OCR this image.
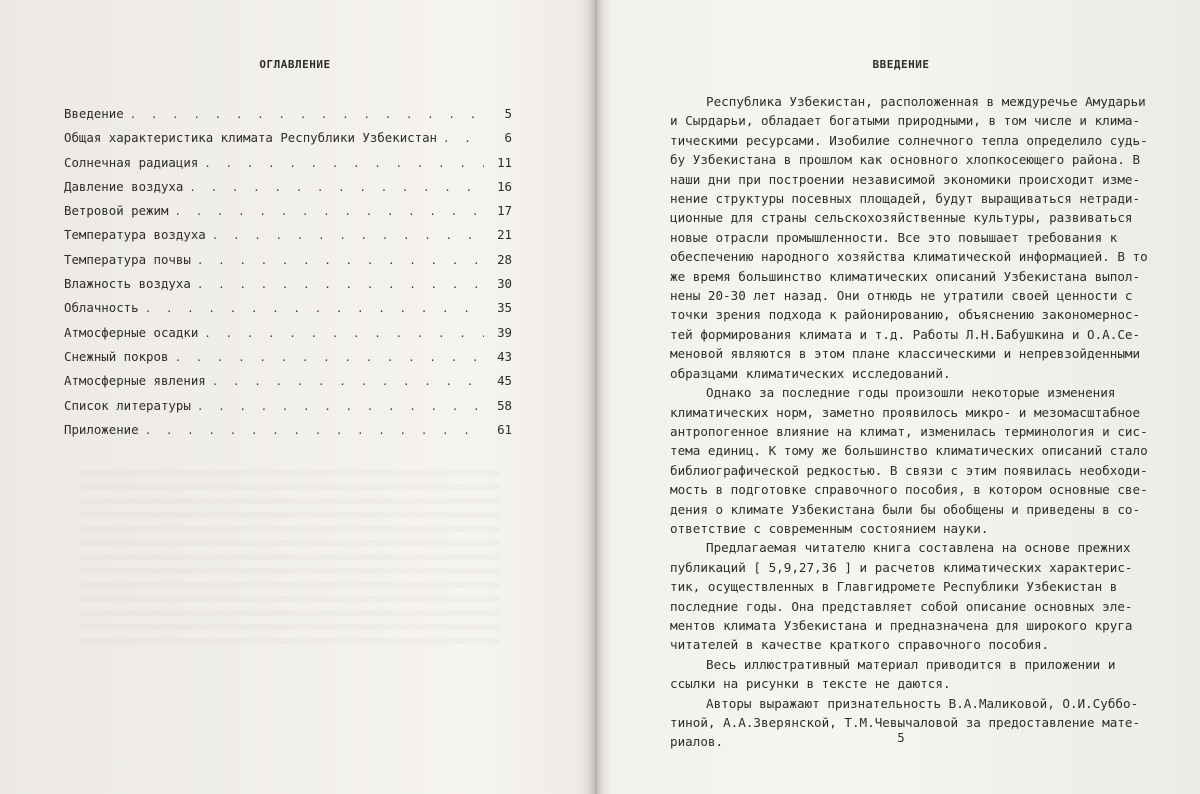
ОГЛАВЛЕНИЕ
Введение . . .	5
Общая характеристика климата Республики Узбекистан . . .	6
Солнечная радиация . . .	11
Давление воздуха . . .	16
Ветровой режим . . .	17
Температура воздуха . . .	21
Температура почвы . . .	28
Влажность воздуха . . .	30
Облачность . . .	35
Атмосферные осадки . . .	39
Снежный покров . . .	43
Атмосферные явления . . .	45
Список литературы . . .	58
Приложение . . .	61
ВВЕДЕНИЕ
Республика Узбекистан, расположенная в междуречье Амударьи
и Сырдарьи, обладает богатыми природными, в том числе и клима-
тическими ресурсами. Изобилие солнечного тепла определило судь-
бу Узбекистана в прошлом как основного хлопкосеющего района. В
наши дни при построении независимой экономики происходит изме-
нение структуры посевных площадей, будут выращиваться нетради-
ционные для страны сельскохозяйственные культуры, развиваться
новые отрасли промышленности. Все это повышает требования к
обеспечению народного хозяйства климатической информацией. В то
же время большинство климатических описаний Узбекистана выпол-
нены 20-30 лет назад. Они отнюдь не утратили своей ценности с
точки зрения подхода к районированию, объяснению закономернос-
тей формирования климата и т.д. Работы Л.Н.Бабушкина и О.А.Се-
меновой являются в этом плане классическими и непревзойденными
образцами климатических исследований.
Однако за последние годы произошли некоторые изменения
климатических норм, заметно проявилось микро- и мезомасштабное
антропогенное влияние на климат, изменилась терминология и сис-
тема единиц. К тому же большинство климатических описаний стало
библиографической редкостью. В связи с этим появилась необходи-
мость в подготовке справочного пособия, в котором основные све-
дения о климате Узбекистана были бы обобщены и приведены в со-
ответствие с современным состоянием науки.
Предлагаемая читателю книга составлена на основе прежних
публикаций [ 5,9,27,36 ] и расчетов климатических характерис-
тик, осуществленных в Главгидромете Республики Узбекистан в
последние годы. Она представляет собой описание основных эле-
ментов климата Узбекистана и предназначена для широкого круга
читателей в качестве краткого справочного пособия.
Весь иллюстративный материал приводится в приложении и
ссылки на рисунки в тексте не даются.
Авторы выражают признательность В.А.Маликовой, О.И.Суббо-
тиной, А.А.Зверянской, Т.М.Чевычаловой за предоставление мате-
риалов.	5
